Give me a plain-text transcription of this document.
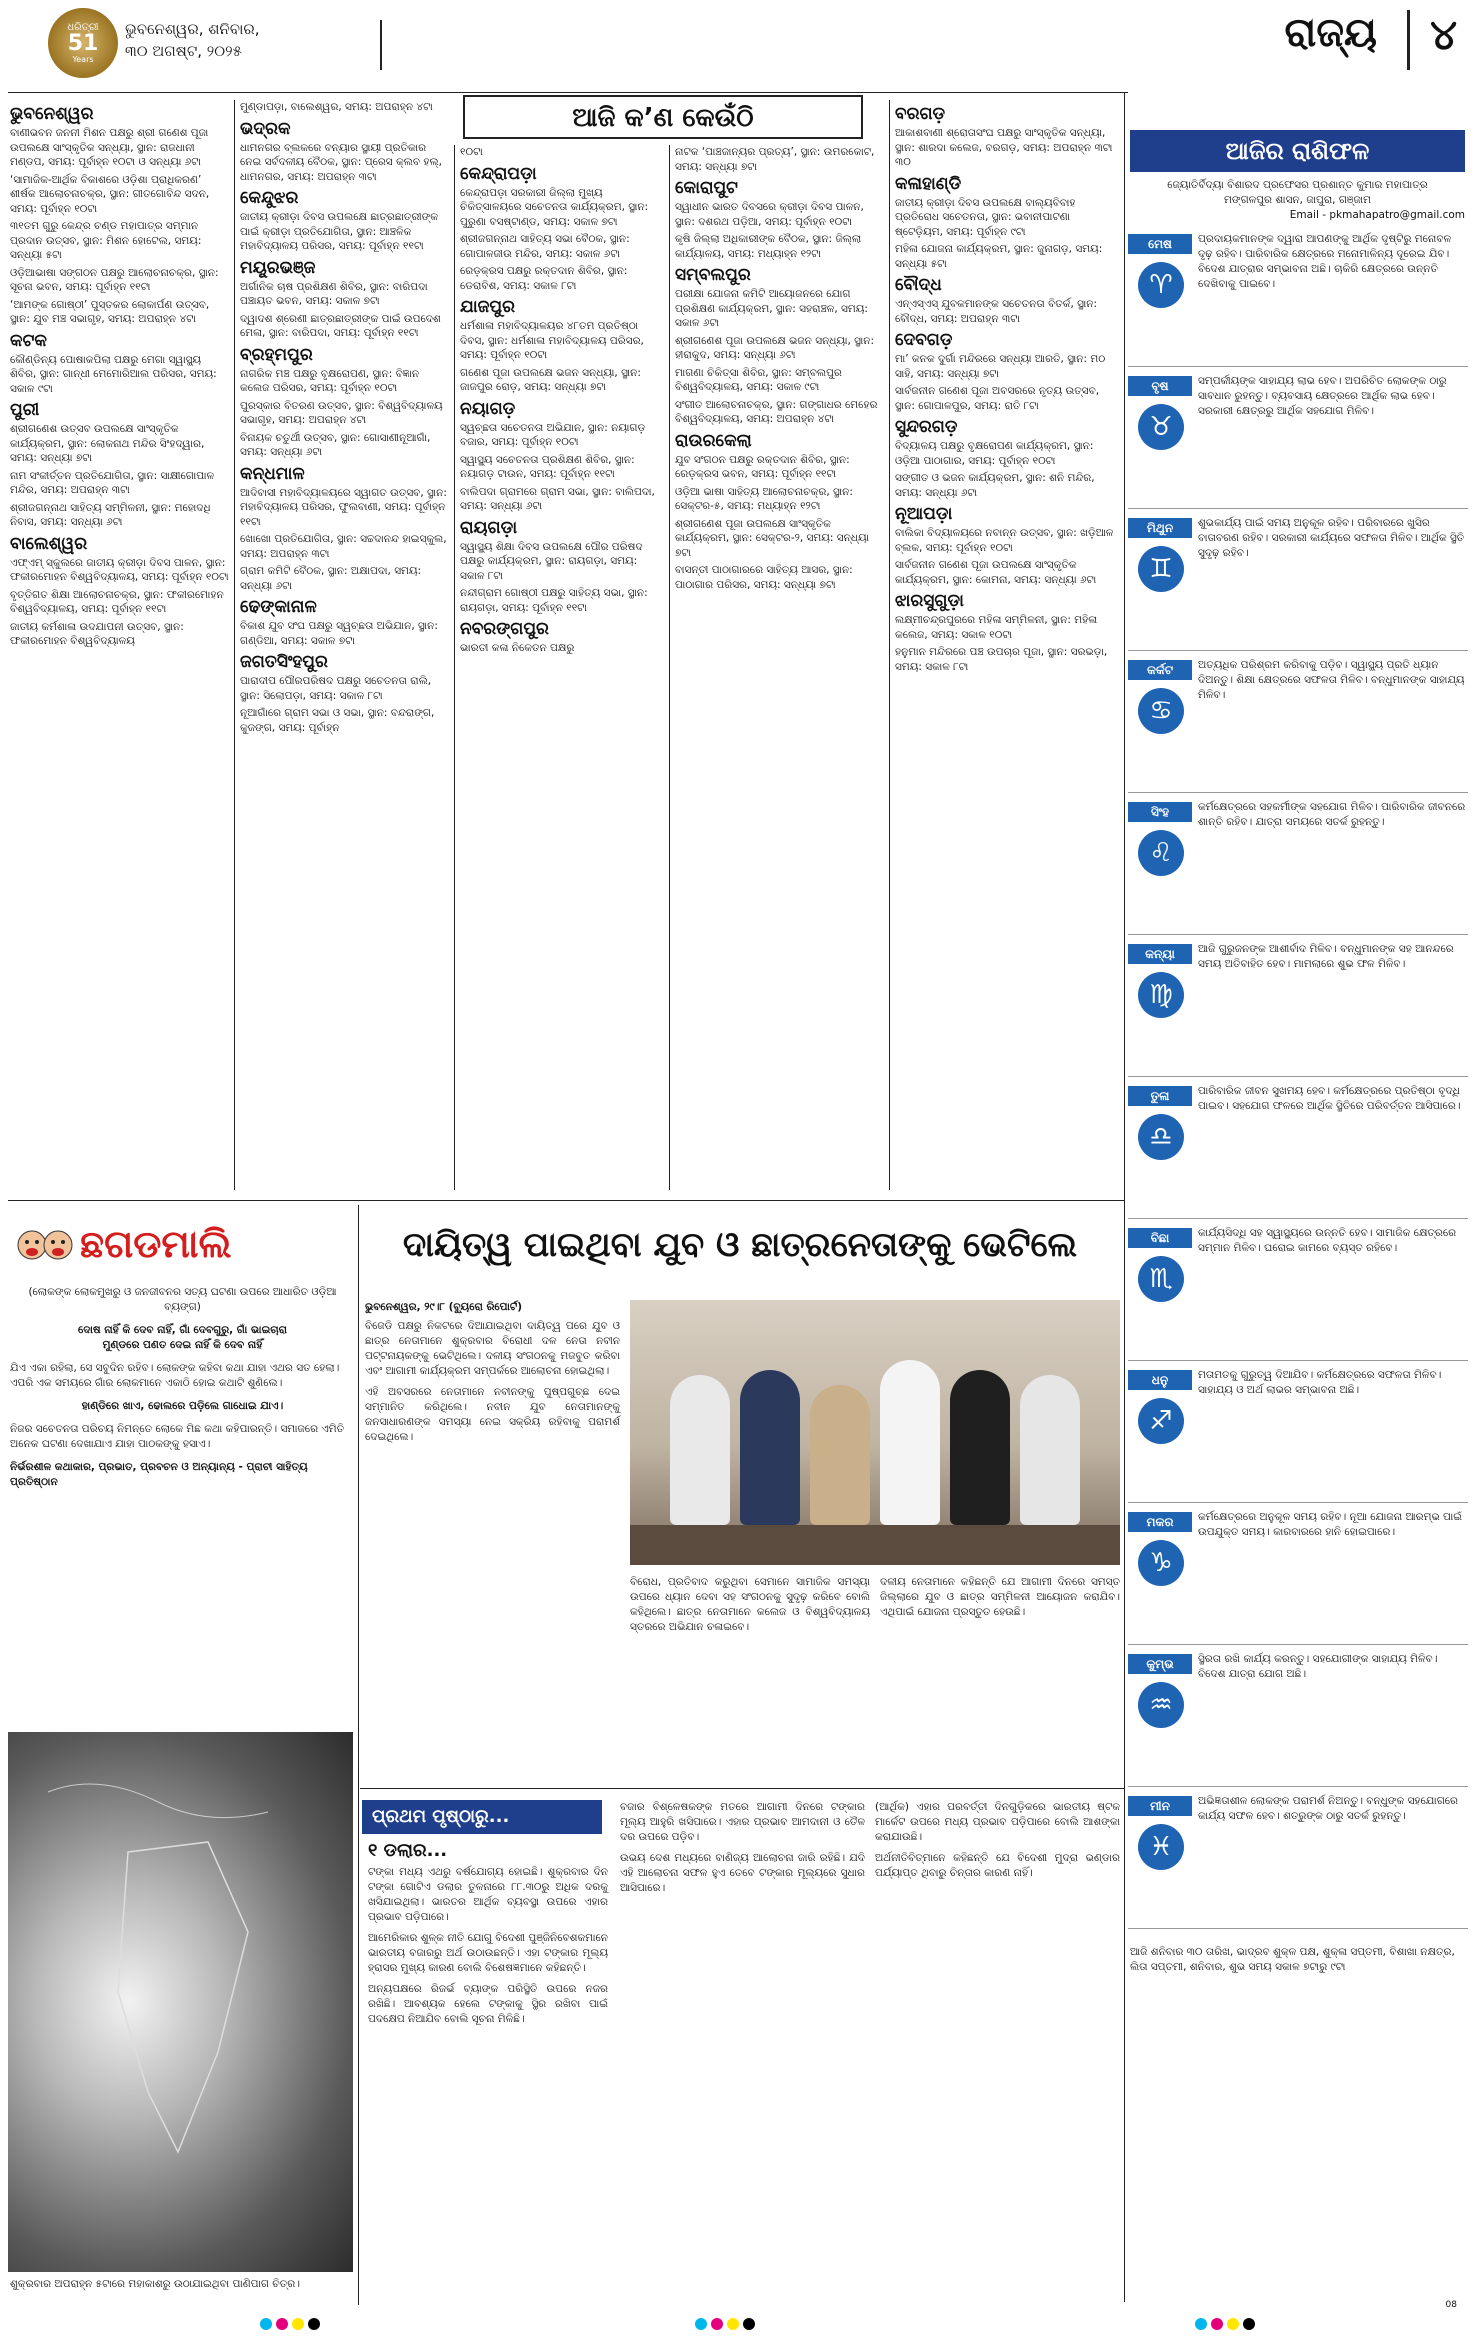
ଧରିତ୍ରୀ
51
Years
ଭୁବନେଶ୍ୱର, ଶନିବାର,
୩୦ ଅଗଷ୍ଟ, ୨୦୨୫	ରାଜ୍ୟ	୪
ଆଜି କ’ଣ କେଉଁଠି
ଭୁବନେଶ୍ୱର
ବାଣୀଭବନ ଜନନୀ ମିଶନ ପକ୍ଷରୁ ଶ୍ରୀ ଗଣେଶ ପୂଜା ଉପଲକ୍ଷେ ସାଂସ୍କୃତିକ ସନ୍ଧ୍ୟା, ସ୍ଥାନ: ରାଜଧାନୀ ମଣ୍ଡପ, ସମୟ: ପୂର୍ବାହ୍ନ ୧୦ଟା ଓ ସନ୍ଧ୍ୟା ୬ଟା
‘ସାମାଜିକ-ଆର୍ଥିକ ବିକାଶରେ ଓଡ଼ିଶା ପ୍ରାଧିକରଣ’ ଶୀର୍ଷକ ଆଲୋଚନାଚକ୍ର, ସ୍ଥାନ: ଗୀତଗୋବିନ୍ଦ ସଦନ, ସମୟ: ପୂର୍ବାହ୍ନ ୧୦ଟା
୩୧ତମ ଗୁରୁ କେନ୍ଦ୍ର ଚଣ୍ଡ ମହାପାତ୍ର ସମ୍ମାନ ପ୍ରଦାନ ଉତ୍ସବ, ସ୍ଥାନ: ମିଶନ ହୋଟେଲ, ସମୟ: ସନ୍ଧ୍ୟା ୫ଟା
ଓଡ଼ିଆଭାଷା ସଙ୍ଗଠନ ପକ୍ଷରୁ ଆଲୋଚନାଚକ୍ର, ସ୍ଥାନ: ସୂଚନା ଭବନ, ସମୟ: ପୂର୍ବାହ୍ନ ୧୧ଟା
‘ଆମଙ୍କ ଗୋଷ୍ଠୀ’ ପୁସ୍ତକର ଲୋକାର୍ପଣ ଉତ୍ସବ, ସ୍ଥାନ: ଯୁବ ମଞ୍ଚ ସଭାଗୃହ, ସମୟ: ଅପରାହ୍ନ ୪ଟା
କଟକ
କୌଣ୍ଡିନ୍ୟ ପୋଷାକପିଲା ପକ୍ଷରୁ ମେଗା ସ୍ୱାସ୍ଥ୍ୟ ଶିବିର, ସ୍ଥାନ: ଗାନ୍ଧୀ ମେମୋରିଆଲ ପରିସର, ସମୟ: ସକାଳ ୯ଟା
ପୁରୀ
ଶ୍ରୀଗଣେଶ ଉତ୍ସବ ଉପଲକ୍ଷେ ସାଂସ୍କୃତିକ କାର୍ଯ୍ୟକ୍ରମ, ସ୍ଥାନ: ଲୋକନାଥ ମନ୍ଦିର ସିଂହଦ୍ୱାର, ସମୟ: ସନ୍ଧ୍ୟା ୭ଟା
ନାମ ସଂକୀର୍ତ୍ତନ ପ୍ରତିଯୋଗିତା, ସ୍ଥାନ: ସାକ୍ଷୀଗୋପାଳ ମନ୍ଦିର, ସମୟ: ଅପରାହ୍ନ ୩ଟା
ଶ୍ରୀଜଗନ୍ନାଥ ସାହିତ୍ୟ ସମ୍ମିଳନୀ, ସ୍ଥାନ: ମହୋଦଧି ନିବାସ, ସମୟ: ସନ୍ଧ୍ୟା ୬ଟା
ବାଲେଶ୍ୱର
ଏଫ୍‌ଏମ୍ ସ୍କୁଲରେ ଜାତୀୟ କ୍ରୀଡ଼ା ଦିବସ ପାଳନ, ସ୍ଥାନ: ଫକୀରମୋହନ ବିଶ୍ୱବିଦ୍ୟାଳୟ, ସମୟ: ପୂର୍ବାହ୍ନ ୧୦ଟା
ବୃତ୍ତିଗତ ଶିକ୍ଷା ଆଲୋଚନାଚକ୍ର, ସ୍ଥାନ: ଫକୀରମୋହନ ବିଶ୍ୱବିଦ୍ୟାଳୟ, ସମୟ: ପୂର୍ବାହ୍ନ ୧୧ଟା
ଜାତୀୟ କର୍ମଶାଳା ଉଦଯାପନୀ ଉତ୍ସବ, ସ୍ଥାନ: ଫକୀରମୋହନ ବିଶ୍ୱବିଦ୍ୟାଳୟ
ମୁଣ୍ଡାପଡ଼ା, ବାଲେଶ୍ୱର, ସମୟ: ଅପରାହ୍ନ ୪ଟା
ଭଦ୍ରକ
ଧାମନଗର ବ୍ଲକରେ ବନ୍ୟାର ସ୍ଥାୟୀ ପ୍ରତିକାର ନେଇ ସର୍ବଦଳୀୟ ବୈଠକ, ସ୍ଥାନ: ପ୍ରେସ କ୍ଲବ ହଲ୍, ଧାମନଗର, ସମୟ: ଅପରାହ୍ନ ୩ଟା
କେନ୍ଦୁଝର
ଜାତୀୟ କ୍ରୀଡ଼ା ଦିବସ ଉପଲକ୍ଷେ ଛାତ୍ରଛାତ୍ରୀଙ୍କ ପାଇଁ କ୍ରୀଡ଼ା ପ୍ରତିଯୋଗିତା, ସ୍ଥାନ: ଆଞ୍ଚଳିକ ମହାବିଦ୍ୟାଳୟ ପରିସର, ସମୟ: ପୂର୍ବାହ୍ନ ୧୧ଟା
ମୟୂରଭଞ୍ଜ
ଅର୍ଗାନିକ ଚାଷ ପ୍ରଶିକ୍ଷଣ ଶିବିର, ସ୍ଥାନ: ବାରିପଦା ପଞ୍ଚାୟତ ଭବନ, ସମୟ: ସକାଳ ୭ଟା
ଦ୍ୱାଦଶ ଶ୍ରେଣୀ ଛାତ୍ରଛାତ୍ରୀଙ୍କ ପାଇଁ ଉପଦେଶ ମେଳା, ସ୍ଥାନ: ବାରିପଦା, ସମୟ: ପୂର୍ବାହ୍ନ ୧୧ଟା
ବ୍ରହ୍ମପୁର
ନାଗରିକ ମଞ୍ଚ ପକ୍ଷରୁ ବୃକ୍ଷରୋପଣ, ସ୍ଥାନ: ବିଜ୍ଞାନ କଲେଜ ପରିସର, ସମୟ: ପୂର୍ବାହ୍ନ ୧୦ଟା
ପୁରସ୍କାର ବିତରଣ ଉତ୍ସବ, ସ୍ଥାନ: ବିଶ୍ୱବିଦ୍ୟାଳୟ ସଭାଗୃହ, ସମୟ: ଅପରାହ୍ନ ୪ଟା
ବିନାୟକ ଚତୁର୍ଥୀ ଉତ୍ସବ, ସ୍ଥାନ: ଗୋସାଣୀନୂଆଗାଁ, ସମୟ: ସନ୍ଧ୍ୟା ୬ଟା
କନ୍ଧମାଳ
ଆଦିବାସୀ ମହାବିଦ୍ୟାଳୟରେ ସ୍ୱାଗତ ଉତ୍ସବ, ସ୍ଥାନ: ମହାବିଦ୍ୟାଳୟ ପରିସର, ଫୁଲବାଣୀ, ସମୟ: ପୂର୍ବାହ୍ନ ୧୧ଟା
ଖୋଖୋ ପ୍ରତିଯୋଗିତା, ସ୍ଥାନ: ସଚ୍ଚଦାନନ୍ଦ ହାଇସ୍କୁଲ, ସମୟ: ଅପରାହ୍ନ ୩ଟା
ଗ୍ରାମ କମିଟି ବୈଠକ, ସ୍ଥାନ: ଅକ୍ଷାପଦା, ସମୟ: ସନ୍ଧ୍ୟା ୬ଟା
ଢେଙ୍କାନାଳ
ବିକାଶ ଯୁବ ସଂଘ ପକ୍ଷରୁ ସ୍ୱଚ୍ଛତା ଅଭିଯାନ, ସ୍ଥାନ: ଗଣ୍ଡିଆ, ସମୟ: ସକାଳ ୭ଟା
ଜଗତସିଂହପୁର
ପାରାଦୀପ ପୌରପରିଷଦ ପକ୍ଷରୁ ସଚେତନତା ରାଲି, ସ୍ଥାନ: ସିଲୋପଡ଼ା, ସମୟ: ସକାଳ ୮ଟା
ନୂଆଗାଁରେ ଗ୍ରାମ ସଭା ଓ ସଭା, ସ୍ଥାନ: ବନ୍ଦରାଙ୍ଗ, କୁଜଙ୍ଗ, ସମୟ: ପୂର୍ବାହ୍ନ
୧୦ଟା
କେନ୍ଦ୍ରାପଡ଼ା
କେନ୍ଦ୍ରାପଡ଼ା ସରକାରୀ ଜିଲ୍ଲା ମୁଖ୍ୟ ଚିକିତ୍ସାଳୟରେ ସଚେତନତା କାର୍ଯ୍ୟକ୍ରମ, ସ୍ଥାନ: ପୁରୁଣା ବସଷ୍ଟାଣ୍ଡ, ସମୟ: ସକାଳ ୭ଟା
ଶ୍ରୀଜଗନ୍ନାଥ ସାହିତ୍ୟ ସଭା ବୈଠକ, ସ୍ଥାନ: ଗୋପାଳଜୀଉ ମନ୍ଦିର, ସମୟ: ସକାଳ ୬ଟା
ରେଡ଼କ୍ରସ ପକ୍ଷରୁ ରକ୍ତଦାନ ଶିବିର, ସ୍ଥାନ: ଡେରାବିଶ, ସମୟ: ସକାଳ ୮ଟା
ଯାଜପୁର
ଧର୍ମଶାଳା ମହାବିଦ୍ୟାଳୟର ୪୮ତମ ପ୍ରତିଷ୍ଠା ଦିବସ, ସ୍ଥାନ: ଧର୍ମଶାଳା ମହାବିଦ୍ୟାଳୟ ପରିସର, ସମୟ: ପୂର୍ବାହ୍ନ ୧୦ଟା
ଗଣେଶ ପୂଜା ଉପଲକ୍ଷେ ଭଜନ ସନ୍ଧ୍ୟା, ସ୍ଥାନ: ଜାଜପୁର ରୋଡ଼, ସମୟ: ସନ୍ଧ୍ୟା ୭ଟା
ନୟାଗଡ଼
ସ୍ୱଚ୍ଛତା ସଚେତନତା ଅଭିଯାନ, ସ୍ଥାନ: ନୟାଗଡ଼ ବଜାର, ସମୟ: ପୂର୍ବାହ୍ନ ୧୦ଟା
ସ୍ୱାସ୍ଥ୍ୟ ସଚେତନତା ପ୍ରଶିକ୍ଷଣ ଶିବିର, ସ୍ଥାନ: ନୟାଗଡ଼ ଟାଉନ, ସମୟ: ପୂର୍ବାହ୍ନ ୧୧ଟା
ବାଲିପଦା ଗ୍ରାମରେ ଗ୍ରାମ ସଭା, ସ୍ଥାନ: ବାଲିପଦା, ସମୟ: ସନ୍ଧ୍ୟା ୬ଟା
ରାୟଗଡ଼ା
ସ୍ୱାସ୍ଥ୍ୟ ଶିକ୍ଷା ଦିବସ ଉପଲକ୍ଷେ ପୌର ପରିଷଦ ପକ୍ଷରୁ କାର୍ଯ୍ୟକ୍ରମ, ସ୍ଥାନ: ରାୟଗଡ଼ା, ସମୟ: ସକାଳ ୮ଟା
ନନ୍ଦୀଗ୍ରାମ ଗୋଷ୍ଠୀ ପକ୍ଷରୁ ସାହିତ୍ୟ ସଭା, ସ୍ଥାନ: ରାୟଗଡ଼ା, ସମୟ: ପୂର୍ବାହ୍ନ ୧୧ଟା
ନବରଙ୍ଗପୁର
ଭାରତୀ କଳା ନିକେତନ ପକ୍ଷରୁ
ନାଟକ ‘ପାଞ୍ଚଜାନ୍ୟର ପ୍ରତ୍ୟ’, ସ୍ଥାନ: ଉମରକୋଟ, ସମୟ: ସନ୍ଧ୍ୟା ୭ଟା
କୋରାପୁଟ
ସ୍ୱାଧୀନ ଭାରତ ଦିବସରେ କ୍ରୀଡ଼ା ଦିବସ ପାଳନ, ସ୍ଥାନ: ଦଶରଥ ପଡ଼ିଆ, ସମୟ: ପୂର୍ବାହ୍ନ ୧୦ଟା
କୃଷି ଜିଲ୍ଲା ଅଧିକାରୀଙ୍କ ବୈଠକ, ସ୍ଥାନ: ଜିଲ୍ଲା କାର୍ଯ୍ୟାଳୟ, ସମୟ: ମଧ୍ୟାହ୍ନ ୧୨ଟା
ସମ୍ବଲପୁର
ପରୀକ୍ଷା ଯୋଜନା କମିଟି ଆୟୋଜନରେ ଯୋଗ ପ୍ରଶିକ୍ଷଣ କାର୍ଯ୍ୟକ୍ରମ, ସ୍ଥାନ: ସହରାଞ୍ଚଳ, ସମୟ: ସକାଳ ୬ଟା
ଶ୍ରୀଗଣେଶ ପୂଜା ଉପଲକ୍ଷେ ଭଜନ ସନ୍ଧ୍ୟା, ସ୍ଥାନ: ହୀରାକୁଦ, ସମୟ: ସନ୍ଧ୍ୟା ୬ଟା
ମାଗଣା ଚିକିତ୍ସା ଶିବିର, ସ୍ଥାନ: ସମ୍ବଲପୁର ବିଶ୍ୱବିଦ୍ୟାଳୟ, ସମୟ: ସକାଳ ୯ଟା
ସଂଗୀତ ଆଲୋଚନାଚକ୍ର, ସ୍ଥାନ: ଗଙ୍ଗାଧର ମେହେର ବିଶ୍ୱବିଦ୍ୟାଳୟ, ସମୟ: ଅପରାହ୍ନ ୪ଟା
ରାଉରକେଲା
ଯୁବ ସଂଗଠନ ପକ୍ଷରୁ ରକ୍ତଦାନ ଶିବିର, ସ୍ଥାନ: ରେଡ଼କ୍ରସ ଭବନ, ସମୟ: ପୂର୍ବାହ୍ନ ୧୧ଟା
ଓଡ଼ିଆ ଭାଷା ସାହିତ୍ୟ ଆଲୋଚନାଚକ୍ର, ସ୍ଥାନ: ସେକ୍ଟର-୫, ସମୟ: ମଧ୍ୟାହ୍ନ ୧୨ଟା
ଶ୍ରୀଗଣେଶ ପୂଜା ଉପଲକ୍ଷେ ସାଂସ୍କୃତିକ କାର୍ଯ୍ୟକ୍ରମ, ସ୍ଥାନ: ସେକ୍ଟର-୨, ସମୟ: ସନ୍ଧ୍ୟା ୭ଟା
ବାସନ୍ତୀ ପାଠାଗାରରେ ସାହିତ୍ୟ ଆସର, ସ୍ଥାନ: ପାଠାଗାର ପରିସର, ସମୟ: ସନ୍ଧ୍ୟା ୭ଟା
ବରଗଡ଼
ଆକାଶବାଣୀ ଶ୍ରୋତାସଂଘ ପକ୍ଷରୁ ସାଂସ୍କୃତିକ ସନ୍ଧ୍ୟା, ସ୍ଥାନ: ଶାରଦା କଲେଜ, ବରଗଡ଼, ସମୟ: ଅପରାହ୍ନ ୩ଟା ୩୦
କଳାହାଣ୍ଡି
ଜାତୀୟ କ୍ରୀଡ଼ା ଦିବସ ଉପଲକ୍ଷେ ବାଲ୍ୟବିବାହ ପ୍ରତିରୋଧ ସଚେତନତା, ସ୍ଥାନ: ଭବାନୀପାଟଣା ଷ୍ଟେଡ଼ିୟମ, ସମୟ: ପୂର୍ବାହ୍ନ ୯ଟା
ମହିଳା ଯୋଜନା କାର୍ଯ୍ୟକ୍ରମ, ସ୍ଥାନ: ଜୁନାଗଡ଼, ସମୟ: ସନ୍ଧ୍ୟା ୫ଟା
ବୌଦ୍ଧ
ଏନ୍‌ଏସ୍‌ଏସ୍ ଯୁବକମାନଙ୍କ ସଚେତନତା ବିତର୍କ, ସ୍ଥାନ: ବୌଦ୍ଧ, ସମୟ: ଅପରାହ୍ନ ୩ଟା
ଦେବଗଡ଼
ମା’ କନକ ଦୁର୍ଗା ମନ୍ଦିରରେ ସନ୍ଧ୍ୟା ଆରତି, ସ୍ଥାନ: ମଠ ସାହି, ସମୟ: ସନ୍ଧ୍ୟା ୭ଟା
ସାର୍ବଜନୀନ ଗଣେଶ ପୂଜା ଅବସରରେ ନୃତ୍ୟ ଉତ୍ସବ, ସ୍ଥାନ: ଗୋପାଳପୁର, ସମୟ: ରାତି ୮ଟା
ସୁନ୍ଦରଗଡ଼
ବିଦ୍ୟାଳୟ ପକ୍ଷରୁ ବୃକ୍ଷରୋପଣ କାର୍ଯ୍ୟକ୍ରମ, ସ୍ଥାନ: ଓଡ଼ିଆ ପାଠାଗାର, ସମୟ: ପୂର୍ବାହ୍ନ ୧୦ଟା
ସଙ୍ଗୀତ ଓ ଭଜନ କାର୍ଯ୍ୟକ୍ରମ, ସ୍ଥାନ: ଶନି ମନ୍ଦିର, ସମୟ: ସନ୍ଧ୍ୟା ୬ଟା
ନୂଆପଡ଼ା
ବାଲିକା ବିଦ୍ୟାଳୟରେ ନବାନ୍ନ ଉତ୍ସବ, ସ୍ଥାନ: ଖଡ଼ିଆଳ ବ୍ଲକ, ସମୟ: ପୂର୍ବାହ୍ନ ୧୦ଟା
ସାର୍ବଜନୀନ ଗଣେଶ ପୂଜା ଉପଲକ୍ଷେ ସାଂସ୍କୃତିକ କାର୍ଯ୍ୟକ୍ରମ, ସ୍ଥାନ: କୋମନା, ସମୟ: ସନ୍ଧ୍ୟା ୬ଟା
ଝାରସୁଗୁଡ଼ା
ଲକ୍ଷ୍ମୀଚନ୍ଦ୍ରପୁରରେ ମହିଳା ସମ୍ମିଳନୀ, ସ୍ଥାନ: ମହିଳା କଲେଜ, ସମୟ: ସକାଳ ୧୦ଟା
ହନୁମାନ ମନ୍ଦିରରେ ପଞ୍ଚ ଉପଚାର ପୂଜା, ସ୍ଥାନ: ସରଭଡ଼ା, ସମୟ: ସକାଳ ୮ଟା
ଆଜିର ରାଶିଫଳ
ଜ୍ୟୋତିର୍ବିଦ୍ୟା ବିଶାରଦ ପ୍ରଫେସର ପ୍ରଶାନ୍ତ କୁମାର ମହାପାତ୍ର
ମଙ୍ଗଳପୁର ଶାସନ, ଜାପୁରା, ଗଞ୍ଜାମ
Email - pkmahapatro@gmail.com
ମେଷ
♈
ପ୍ରଦାୟକମାନଙ୍କ ଦ୍ୱାରା ଆପଣଙ୍କୁ ଆର୍ଥିକ ଦୃଷ୍ଟିରୁ ମନୋବଳ ଦୃଢ଼ ରହିବ। ପାରିବାରିକ କ୍ଷେତ୍ରରେ ମନୋମାଳିନ୍ୟ ଦୂରେଇ ଯିବ। ବିଦେଶ ଯାତ୍ରାର ସମ୍ଭାବନା ଅଛି। ଚାକିରି କ୍ଷେତ୍ରରେ ଉନ୍ନତି ଦେଖିବାକୁ ପାଇବେ।
ବୃଷ
♉
ସମ୍ପର୍କୀୟଙ୍କ ସାହାଯ୍ୟ ଲାଭ ହେବ। ଅପରିଚିତ ଲୋକଙ୍କ ଠାରୁ ସାବଧାନ ରୁହନ୍ତୁ। ବ୍ୟବସାୟ କ୍ଷେତ୍ରରେ ଆର୍ଥିକ ଲାଭ ହେବ। ସରକାରୀ କ୍ଷେତ୍ରରୁ ଆର୍ଥିକ ସହଯୋଗ ମିଳିବ।
ମିଥୁନ
♊
ଶୁଭକାର୍ଯ୍ୟ ପାଇଁ ସମୟ ଅନୁକୂଳ ରହିବ। ପରିବାରରେ ଖୁସିର ବାତାବରଣ ରହିବ। ସରକାରୀ କାର୍ଯ୍ୟରେ ସଫଳତା ମିଳିବ। ଆର୍ଥିକ ସ୍ଥିତି ସୁଦୃଢ଼ ରହିବ।
କର୍କଟ
♋
ଅତ୍ୟଧିକ ପରିଶ୍ରମ କରିବାକୁ ପଡ଼ିବ। ସ୍ୱାସ୍ଥ୍ୟ ପ୍ରତି ଧ୍ୟାନ ଦିଅନ୍ତୁ। ଶିକ୍ଷା କ୍ଷେତ୍ରରେ ସଫଳତା ମିଳିବ। ବନ୍ଧୁମାନଙ୍କ ସାହାଯ୍ୟ ମିଳିବ।
ସିଂହ
♌
କର୍ମକ୍ଷେତ୍ରରେ ସହକର୍ମୀଙ୍କ ସହଯୋଗ ମିଳିବ। ପାରିବାରିକ ଜୀବନରେ ଶାନ୍ତି ରହିବ। ଯାତ୍ରା ସମୟରେ ସତର୍କ ରୁହନ୍ତୁ।
କନ୍ୟା
♍
ଆଜି ଗୁରୁଜନଙ୍କ ଆଶୀର୍ବାଦ ମିଳିବ। ବନ୍ଧୁମାନଙ୍କ ସହ ଆନନ୍ଦରେ ସମୟ ଅତିବାହିତ ହେବ। ମାମଲାରେ ଶୁଭ ଫଳ ମିଳିବ।
ତୁଳା
♎
ପାରିବାରିକ ଜୀବନ ସୁଖମୟ ହେବ। କର୍ମକ୍ଷେତ୍ରରେ ପ୍ରତିଷ୍ଠା ବୃଦ୍ଧି ପାଇବ। ସହଯୋଗ ଫଳରେ ଆର୍ଥିକ ସ୍ଥିତିରେ ପରିବର୍ତ୍ତନ ଆସିପାରେ।
ବିଛା
♏
କାର୍ଯ୍ୟସିଦ୍ଧି ସହ ସ୍ୱାସ୍ଥ୍ୟରେ ଉନ୍ନତି ହେବ। ସାମାଜିକ କ୍ଷେତ୍ରରେ ସମ୍ମାନ ମିଳିବ। ଘରୋଇ କାମରେ ବ୍ୟସ୍ତ ରହିବେ।
ଧନୁ
♐
ମତାମତକୁ ଗୁରୁତ୍ୱ ଦିଆଯିବ। କର୍ମକ୍ଷେତ୍ରରେ ସଫଳତା ମିଳିବ। ସାହାଯ୍ୟ ଓ ଅର୍ଥ ଲାଭର ସମ୍ଭାବନା ଅଛି।
ମକର
♑
କର୍ମକ୍ଷେତ୍ରରେ ଅନୁକୂଳ ସମୟ ରହିବ। ନୂଆ ଯୋଜନା ଆରମ୍ଭ ପାଇଁ ଉପଯୁକ୍ତ ସମୟ। କାରବାରରେ ହାନି ହୋଇପାରେ।
କୁମ୍ଭ
♒
ସ୍ଥିରତା ରଖି କାର୍ଯ୍ୟ କରନ୍ତୁ। ସହଯୋଗୀଙ୍କ ସାହାଯ୍ୟ ମିଳିବ। ବିଦେଶ ଯାତ୍ରା ଯୋଗ ଅଛି।
ମୀନ
♓
ଅଭିଜ୍ଞତାଶୀଳ ଲୋକଙ୍କ ପରାମର୍ଶ ନିଅନ୍ତୁ। ବନ୍ଧୁଙ୍କ ସହଯୋଗରେ କାର୍ଯ୍ୟ ସଫଳ ହେବ। ଶତ୍ରୁଙ୍କ ଠାରୁ ସତର୍କ ରୁହନ୍ତୁ।
ଆଜି ଶନିବାର ୩୦ ତାରିଖ, ଭାଦ୍ରବ ଶୁକ୍ଳ ପକ୍ଷ, ଶୁକ୍ଳା ସପ୍ତମୀ, ବିଶାଖା ନକ୍ଷତ୍ର, ଲିତା ସପ୍ତମୀ, ଶନିବାର, ଶୁଭ ସମୟ ସକାଳ ୭ଟାରୁ ୯ଟା
ଛଗଡମାଲି
(ଲୋକଙ୍କ ଲୋକମୁଖରୁ ଓ ଜନଜୀବନର ସତ୍ୟ ଘଟଣା ଉପରେ ଆଧାରିତ ଓଡ଼ିଆ ବ୍ୟଙ୍ଗ)
ଦୋଷ ନାହିଁ କି ଦେବ ନାହିଁ, ଗାଁ ଦେବଗୁରୁ, ଗାଁ ଭାଇଚାରା
ମୁଣ୍ଡରେ ପଣତ ଦେଇ ନାହିଁ କି ଦେବ ନାହିଁ
ଯିଏ ଏକା ରହିଲା, ସେ ସବୁଦିନ ରହିବ। ଲୋକଙ୍କ କହିବା କଥା ଯାହା ଏଥର ସତ ହେଲା। ଏପରି ଏକ ସମୟରେ ଗାଁର ଲୋକମାନେ ଏକାଠି ହୋଇ କଥାଟି ଶୁଣିଲେ।
ହାଣ୍ଡିରେ ଖାଏ, ଢୋଲରେ ପଡ଼ିଲେ ଗାଧୋଇ ଯାଏ।
ନିଜର ସଚେତନତା ପରିଚୟ ନିମନ୍ତେ ଲୋକେ ମିଛ କଥା କହିପାରନ୍ତି। ସମାଜରେ ଏମିତି ଅନେକ ଘଟଣା ଦେଖାଯାଏ ଯାହା ପାଠକଙ୍କୁ ହସାଏ।
ନିର୍ଭରଶୀଳ କଥାକାର, ପ୍ରଭାତ, ପ୍ରବଚନ ଓ ଅନ୍ୟାନ୍ୟ - ପ୍ରାଚୀ ସାହିତ୍ୟ ପ୍ରତିଷ୍ଠାନ
ଦାୟିତ୍ୱ ପାଇଥିବା ଯୁବ ଓ ଛାତ୍ରନେତାଙ୍କୁ ଭେଟିଲେ
ଭୁବନେଶ୍ୱର, ୨୯।୮ (ବ୍ୟୁରୋ ରିପୋର୍ଟ)
ବିଜେଡି ପକ୍ଷରୁ ନିକଟରେ ଦିଆଯାଇଥିବା ଦାୟିତ୍ୱ ପରେ ଯୁବ ଓ ଛାତ୍ର ନେତାମାନେ ଶୁକ୍ରବାର ବିରୋଧୀ ଦଳ ନେତା ନବୀନ ପଟ୍ଟନାୟକଙ୍କୁ ଭେଟିଥିଲେ। ଦଳୀୟ ସଂଗଠନକୁ ମଜବୁତ କରିବା ଏବଂ ଆଗାମୀ କାର୍ଯ୍ୟକ୍ରମ ସମ୍ପର୍କରେ ଆଲୋଚନା ହୋଇଥିଲା।
ଏହି ଅବସରରେ ନେତାମାନେ ନବୀନଙ୍କୁ ପୁଷ୍ପଗୁଚ୍ଛ ଦେଇ ସମ୍ମାନିତ କରିଥିଲେ। ନବୀନ ଯୁବ ନେତାମାନଙ୍କୁ ଜନସାଧାରଣଙ୍କ ସମସ୍ୟା ନେଇ ସକ୍ରିୟ ରହିବାକୁ ପରାମର୍ଶ ଦେଇଥିଲେ।
ବିରୋଧ, ପ୍ରତିବାଦ କରୁଥିବା ସେମାନେ ସାମାଜିକ ସମସ୍ୟା ଉପରେ ଧ୍ୟାନ ଦେବା ସହ ସଂଗଠନକୁ ସୁଦୃଢ଼ କରିବେ ବୋଲି କହିଥିଲେ। ଛାତ୍ର ନେତାମାନେ କଲେଜ ଓ ବିଶ୍ୱବିଦ୍ୟାଳୟ ସ୍ତରରେ ଅଭିଯାନ ଚଳାଇବେ।
ଦଳୀୟ ନେତାମାନେ କହିଛନ୍ତି ଯେ ଆଗାମୀ ଦିନରେ ସମସ୍ତ ଜିଲ୍ଲାରେ ଯୁବ ଓ ଛାତ୍ର ସମ୍ମିଳନୀ ଆୟୋଜନ କରାଯିବ। ଏଥିପାଇଁ ଯୋଜନା ପ୍ରସ୍ତୁତ ହେଉଛି।
ଶୁକ୍ରବାର ଅପରାହ୍ନ ୫ଟାରେ ମହାକାଶରୁ ଉଠାଯାଇଥିବା ପାଣିପାଗ ଚିତ୍ର।
ପ୍ରଥମ ପୃଷ୍ଠାରୁ...
୧ ଡଲାର...
ଟଙ୍କା ମଧ୍ୟ ଏଥରୁ ବର୍ଷଯୋଗ୍ୟ ହୋଇଛି। ଶୁକ୍ରବାର ଦିନ ଟଙ୍କା ଗୋଟିଏ ଡଲାର ତୁଳନାରେ ୮୮.୩୦ରୁ ଅଧିକ ଦରକୁ ଖସିଯାଇଥିଲା। ଭାରତର ଆର୍ଥିକ ବ୍ୟବସ୍ଥା ଉପରେ ଏହାର ପ୍ରଭାବ ପଡ଼ିପାରେ।
ଆମେରିକାର ଶୁଳ୍କ ନୀତି ଯୋଗୁ ବିଦେଶୀ ପୁଞ୍ଜିନିବେଶକମାନେ ଭାରତୀୟ ବଜାରରୁ ଅର୍ଥ ଉଠାଉଛନ୍ତି। ଏହା ଟଙ୍କାର ମୂଲ୍ୟ ହ୍ରାସର ମୁଖ୍ୟ କାରଣ ବୋଲି ବିଶେଷଜ୍ଞମାନେ କହିଛନ୍ତି।
ଅନ୍ୟପକ୍ଷରେ ରିଜର୍ଭ ବ୍ୟାଙ୍କ ପରିସ୍ଥିତି ଉପରେ ନଜର ରଖିଛି। ଆବଶ୍ୟକ ହେଲେ ଟଙ୍କାକୁ ସ୍ଥିର ରଖିବା ପାଇଁ ପଦକ୍ଷେପ ନିଆଯିବ ବୋଲି ସୂଚନା ମିଳିଛି।
ବଜାର ବିଶ୍ଳେଷକଙ୍କ ମତରେ ଆଗାମୀ ଦିନରେ ଟଙ୍କାର ମୂଲ୍ୟ ଆହୁରି ଖସିପାରେ। ଏହାର ପ୍ରଭାବ ଆମଦାନୀ ଓ ତୈଳ ଦର ଉପରେ ପଡ଼ିବ।
ଉଭୟ ଦେଶ ମଧ୍ୟରେ ବାଣିଜ୍ୟ ଆଲୋଚନା ଜାରି ରହିଛି। ଯଦି ଏହି ଆଲୋଚନା ସଫଳ ହୁଏ ତେବେ ଟଙ୍କାର ମୂଲ୍ୟରେ ସୁଧାର ଆସିପାରେ।
(ଆର୍ଥିକ) ଏହାର ପରବର୍ତ୍ତୀ ଦିନଗୁଡ଼ିକରେ ଭାରତୀୟ ଷ୍ଟକ ମାର୍କେଟ ଉପରେ ମଧ୍ୟ ପ୍ରଭାବ ପଡ଼ିପାରେ ବୋଲି ଆଶଙ୍କା କରାଯାଉଛି।
ଅର୍ଥନୀତିବିତ୍‌ମାନେ କହିଛନ୍ତି ଯେ ବିଦେଶୀ ମୁଦ୍ରା ଭଣ୍ଡାର ପର୍ଯ୍ୟାପ୍ତ ଥିବାରୁ ଚିନ୍ତାର କାରଣ ନାହିଁ।
08
